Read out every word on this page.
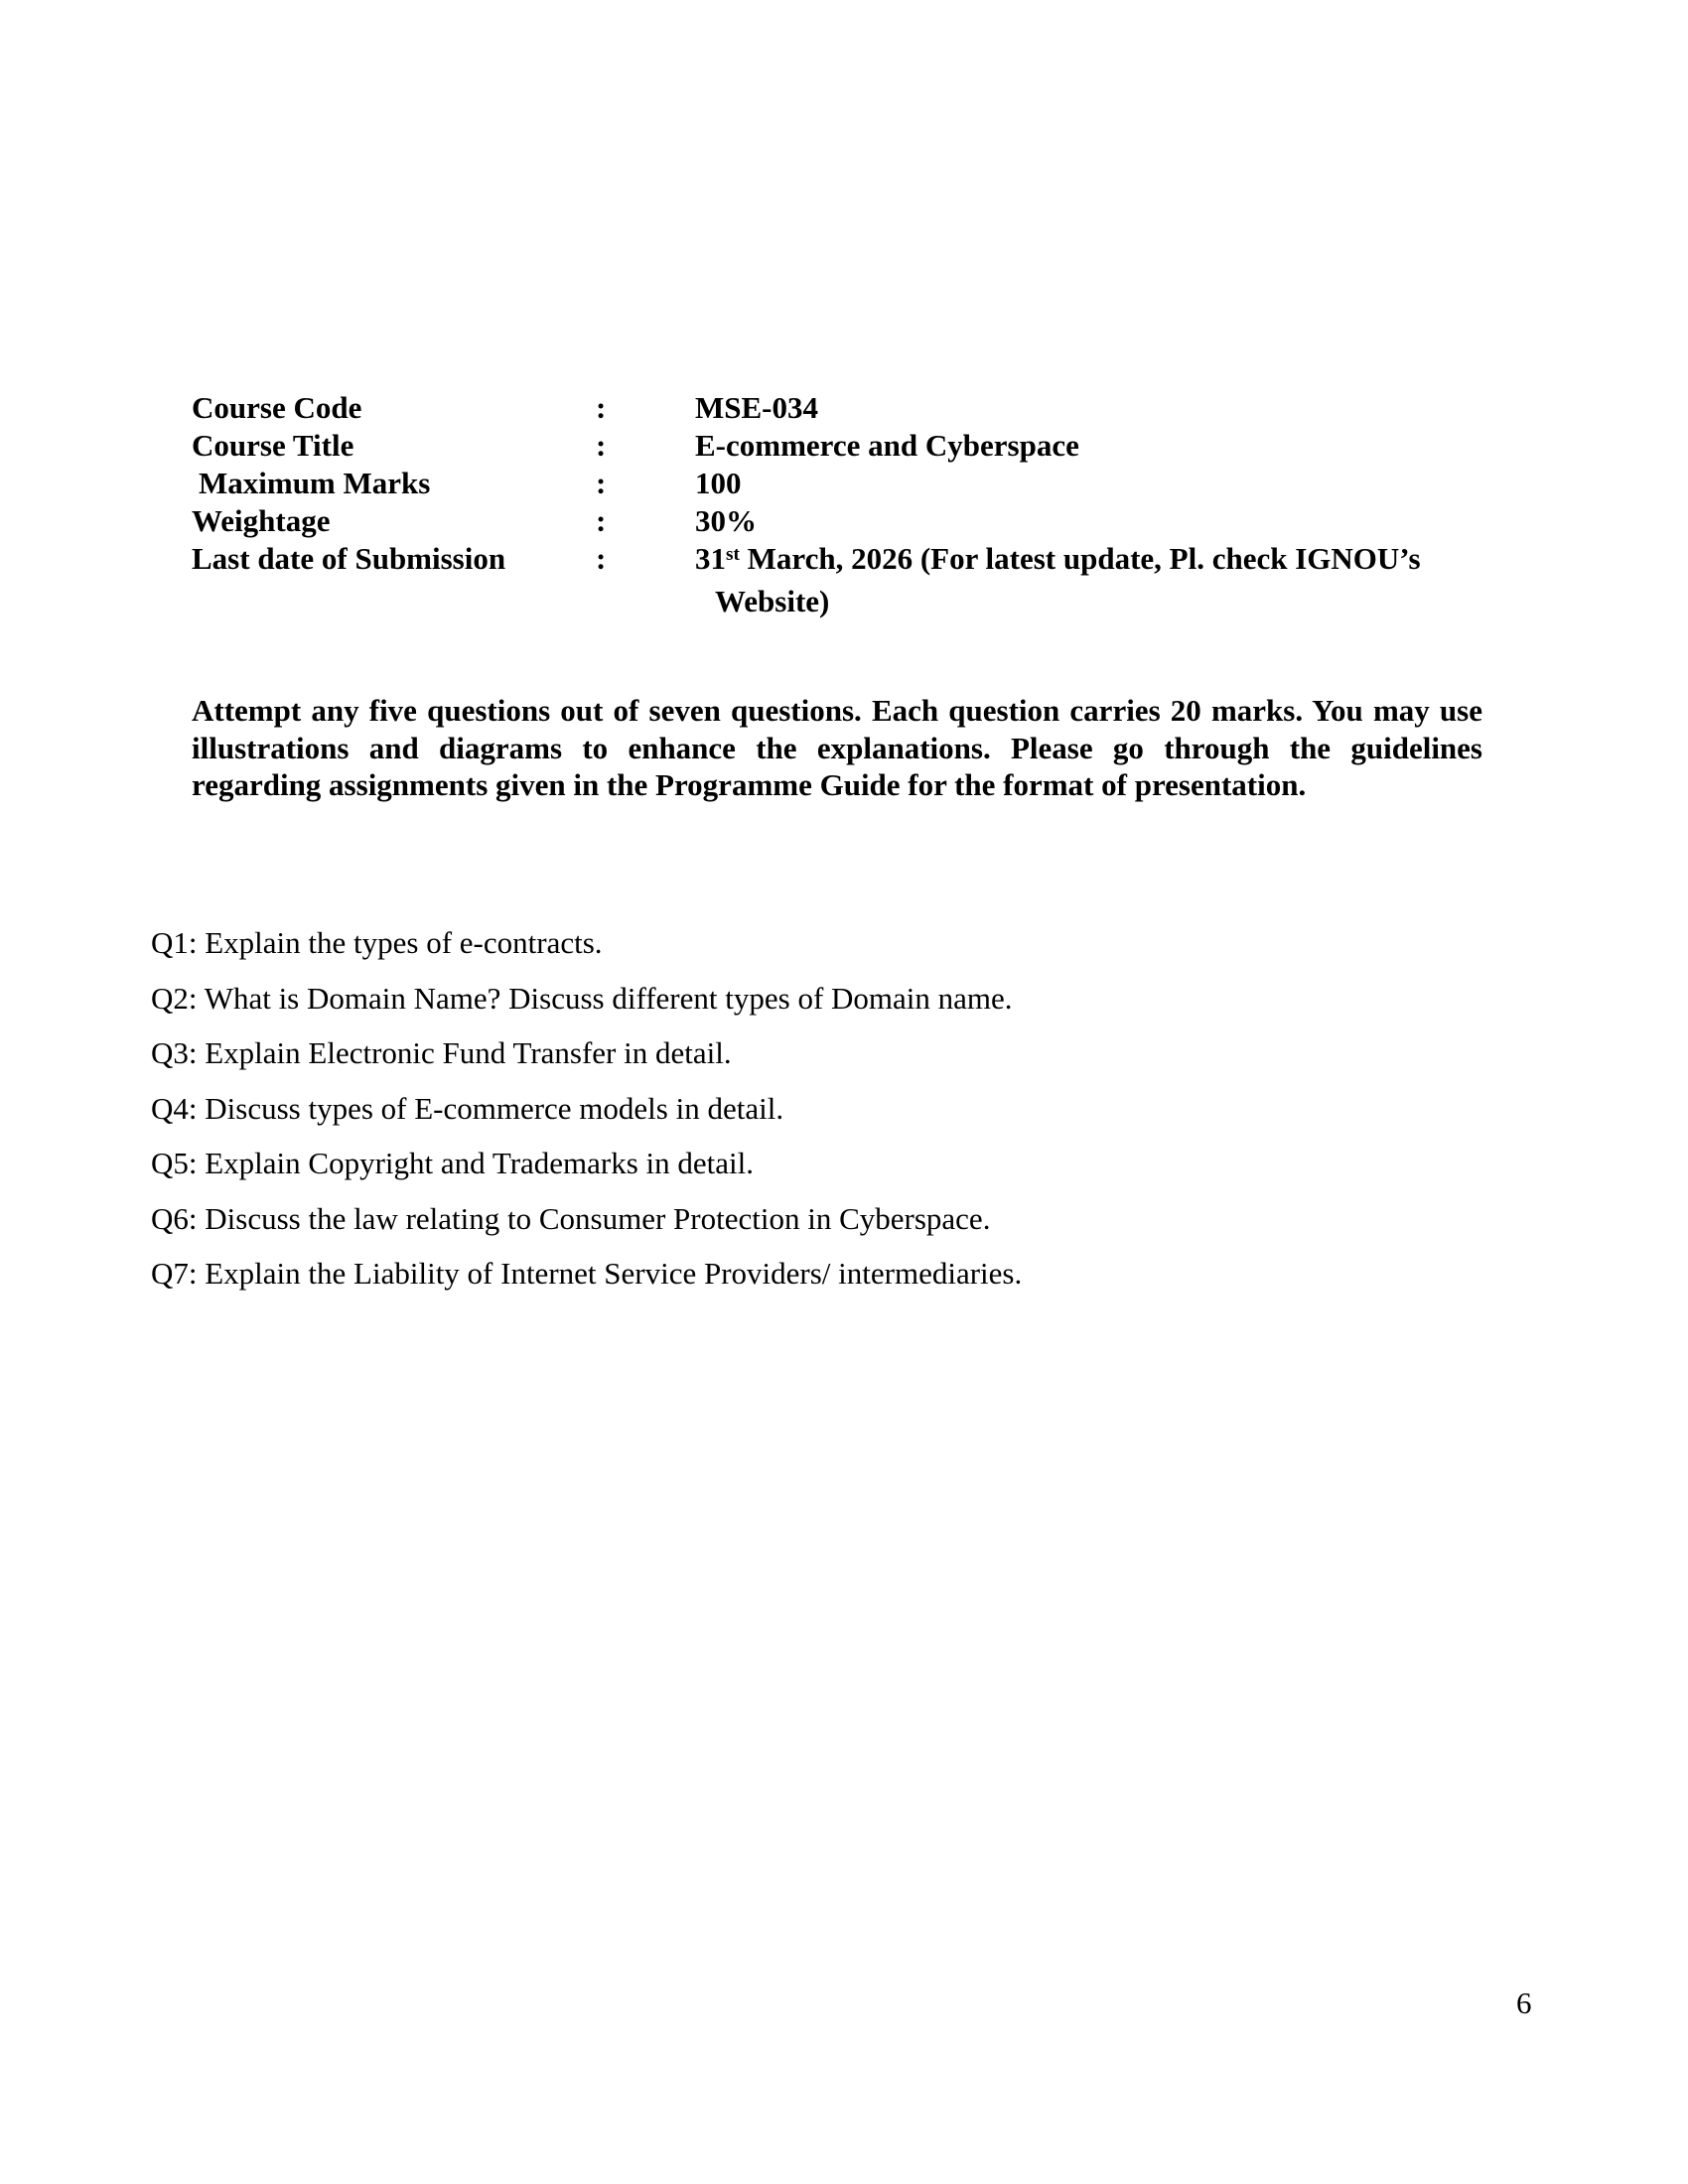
Course Code	:	MSE-034
Course Title	:	E-commerce and Cyberspace
Maximum Marks	:	100
Weightage	:	30%
Last date of Submission	:	31st March, 2026 (For latest update, Pl. check IGNOU’s
Website)
Attempt any five questions out of seven questions. Each question carries 20 marks. You may use illustrations and diagrams to enhance the explanations. Please go through the guidelines regarding assignments given in the Programme Guide for the format of presentation.
Q1: Explain the types of e-contracts.
Q2: What is Domain Name? Discuss different types of Domain name.
Q3: Explain Electronic Fund Transfer in detail.
Q4: Discuss types of E-commerce models in detail.
Q5: Explain Copyright and Trademarks in detail.
Q6: Discuss the law relating to Consumer Protection in Cyberspace.
Q7: Explain the Liability of Internet Service Providers/ intermediaries.
6
